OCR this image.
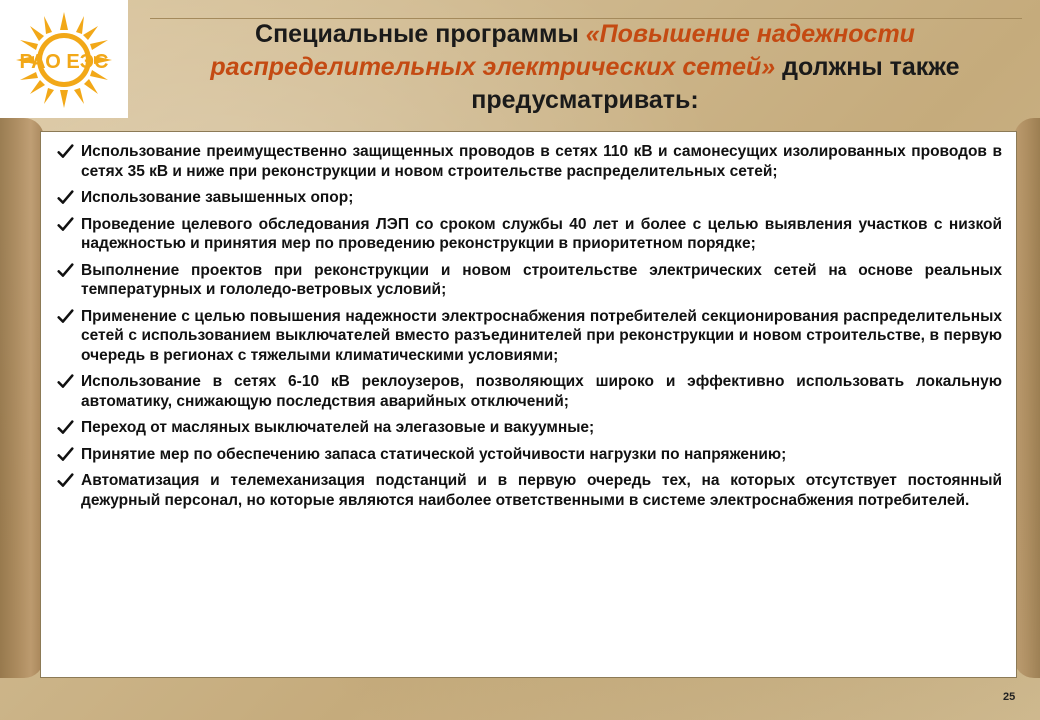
РАО ЕЭС
Специальные программы «Повышение надежности распределительных электрических сетей» должны также предусматривать:
Использование преимущественно защищенных проводов в сетях 110 кВ и самонесущих изолированных проводов в сетях 35 кВ и ниже при реконструкции и новом строительстве распределительных сетей;
Использование завышенных опор;
Проведение целевого обследования ЛЭП со сроком службы 40 лет и более с целью выявления участков с низкой надежностью и принятия мер по проведению реконструкции в приоритетном порядке;
Выполнение проектов при реконструкции и новом строительстве электрических сетей на основе реальных температурных и гололедо-ветровых условий;
Применение с целью повышения надежности электроснабжения потребителей секционирования распределительных сетей с использованием выключателей вместо разъединителей при реконструкции и новом строительстве, в первую очередь в регионах с тяжелыми климатическими условиями;
Использование в сетях 6-10 кВ реклоузеров, позволяющих широко и эффективно использовать локальную автоматику, снижающую последствия аварийных отключений;
Переход от масляных выключателей на элегазовые и вакуумные;
Принятие мер по обеспечению запаса статической устойчивости нагрузки по напряжению;
Автоматизация и телемеханизация подстанций и в первую очередь тех, на которых отсутствует постоянный дежурный персонал, но которые являются наиболее ответственными в системе электроснабжения потребителей.
25
